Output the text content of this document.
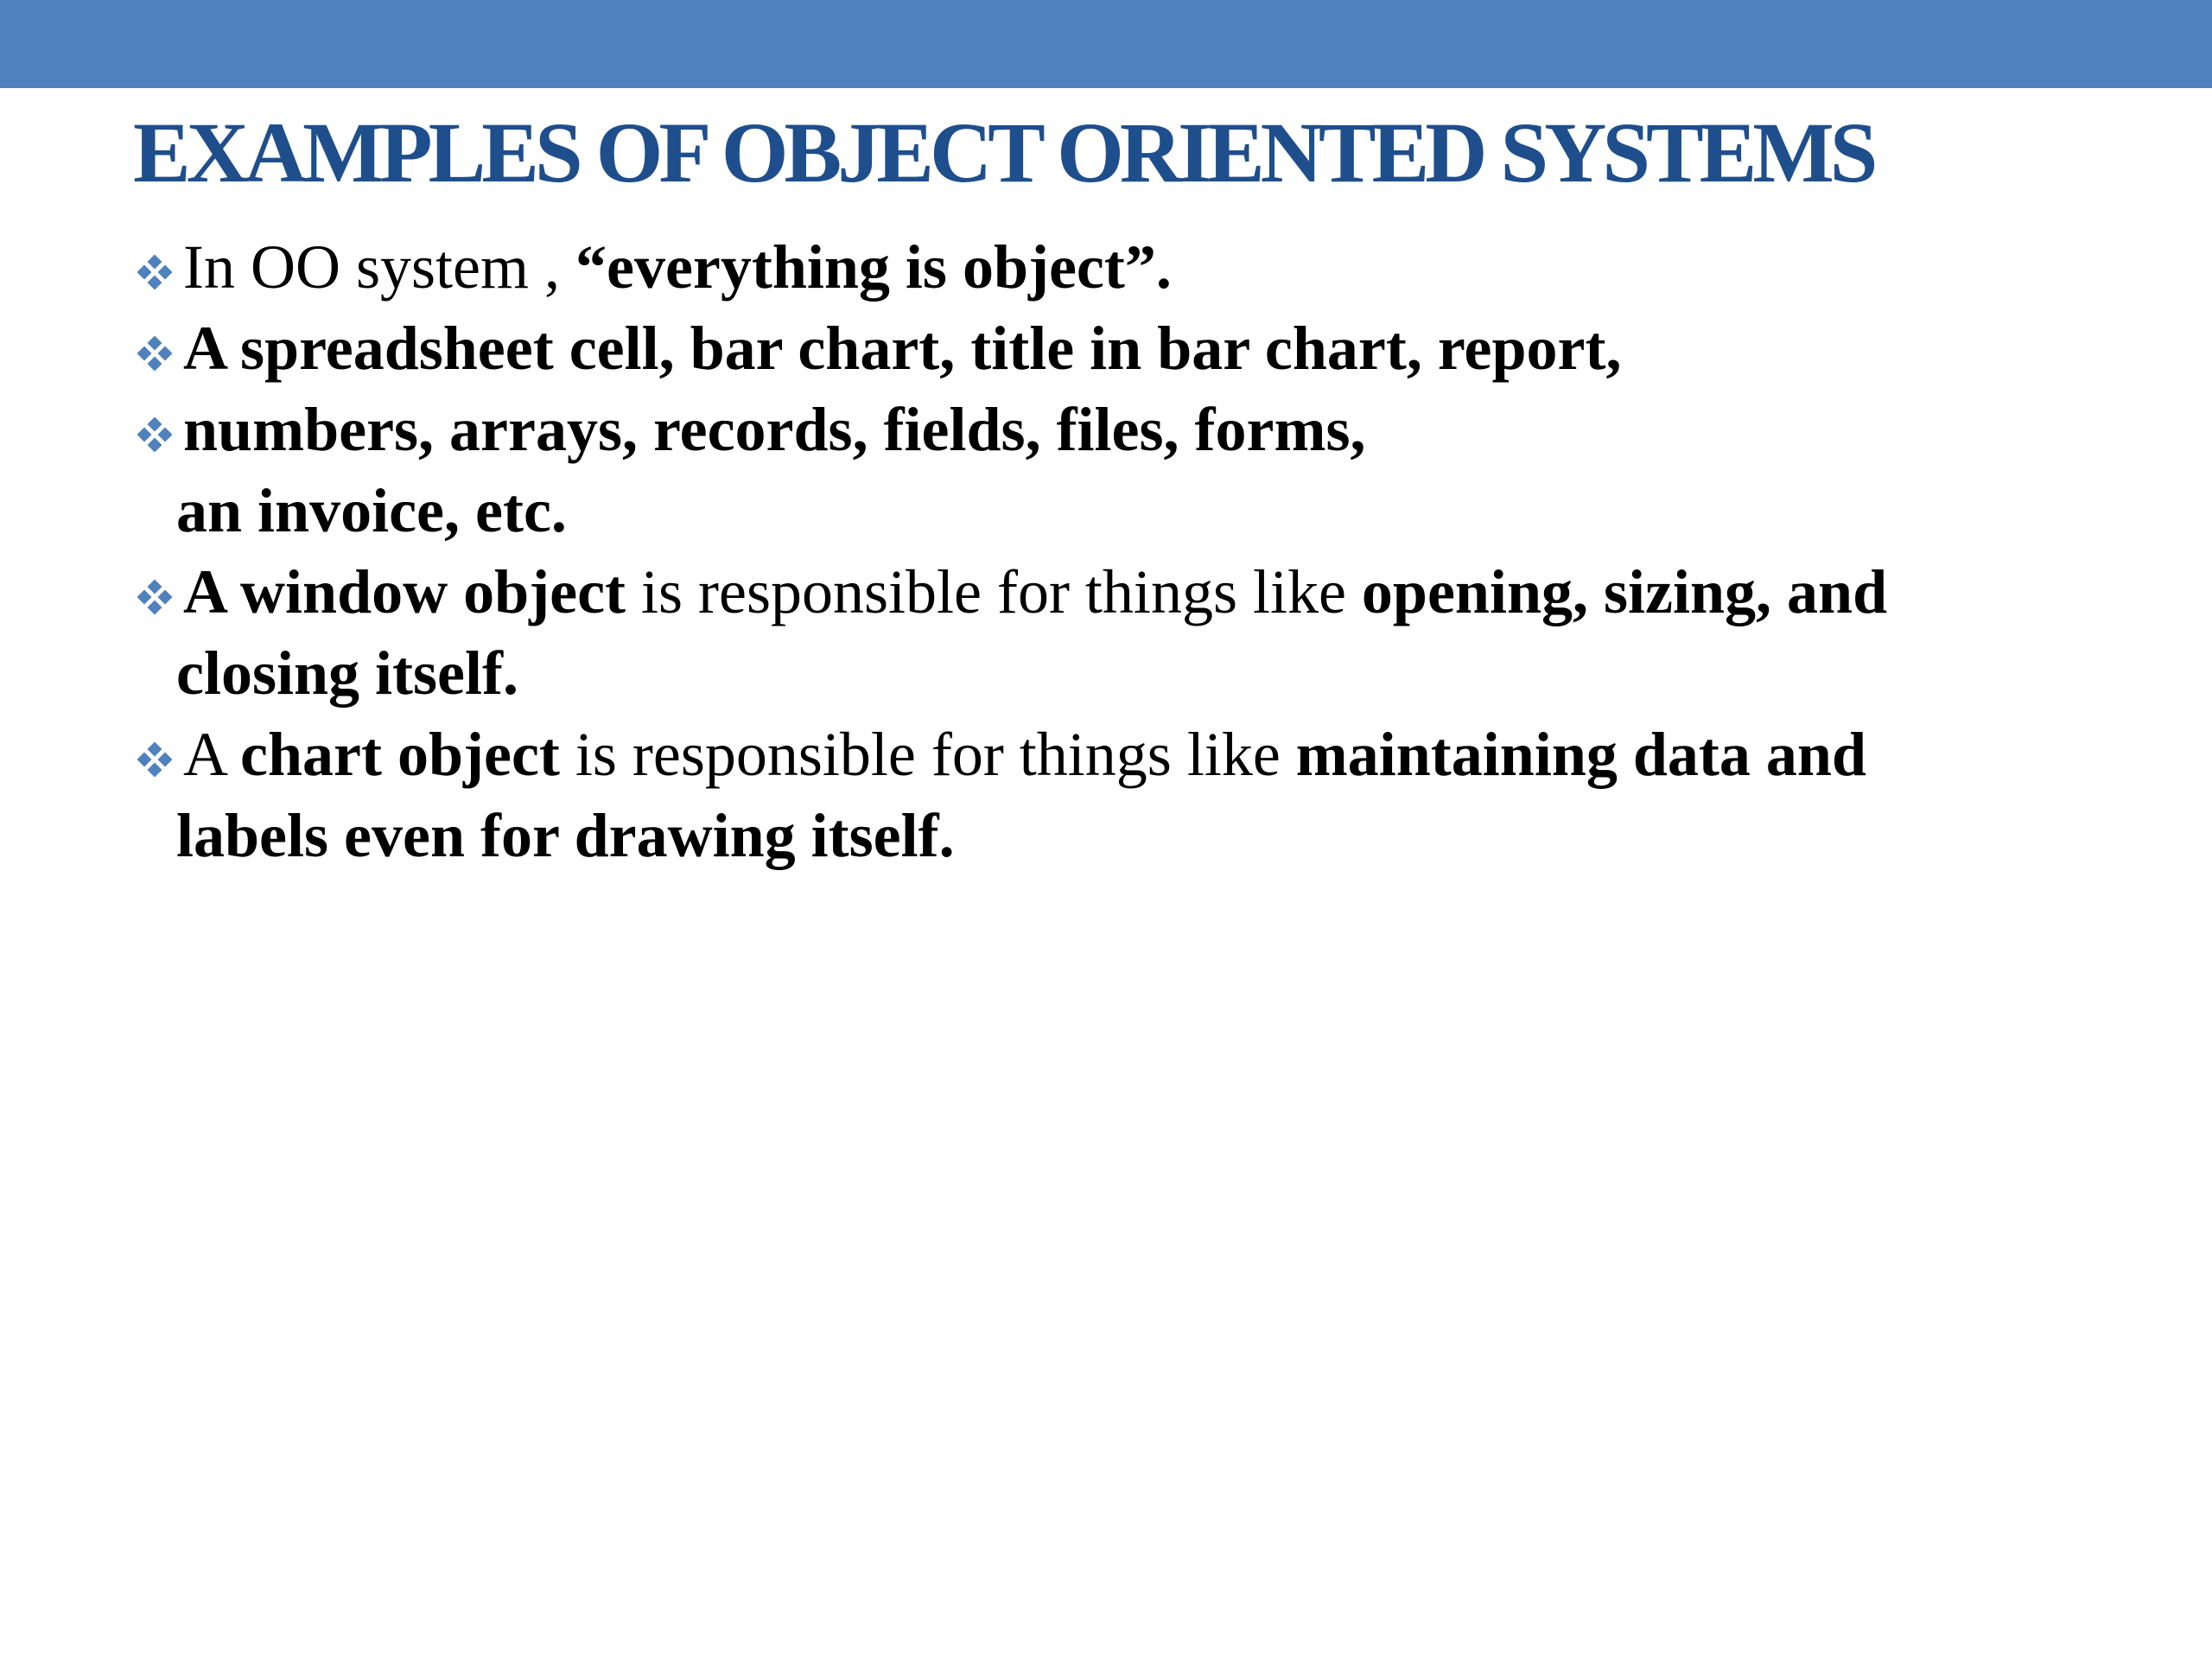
EXAMPLES OF OBJECT ORIENTED SYSTEMS
In OO system , “everything is object”.
A spreadsheet cell, bar chart, title in bar chart, report,
numbers, arrays, records, fields, files, forms,
an invoice, etc.
A window object is responsible for things like opening, sizing, and
closing itself.
A chart object is responsible for things like maintaining data and
labels even for drawing itself.
